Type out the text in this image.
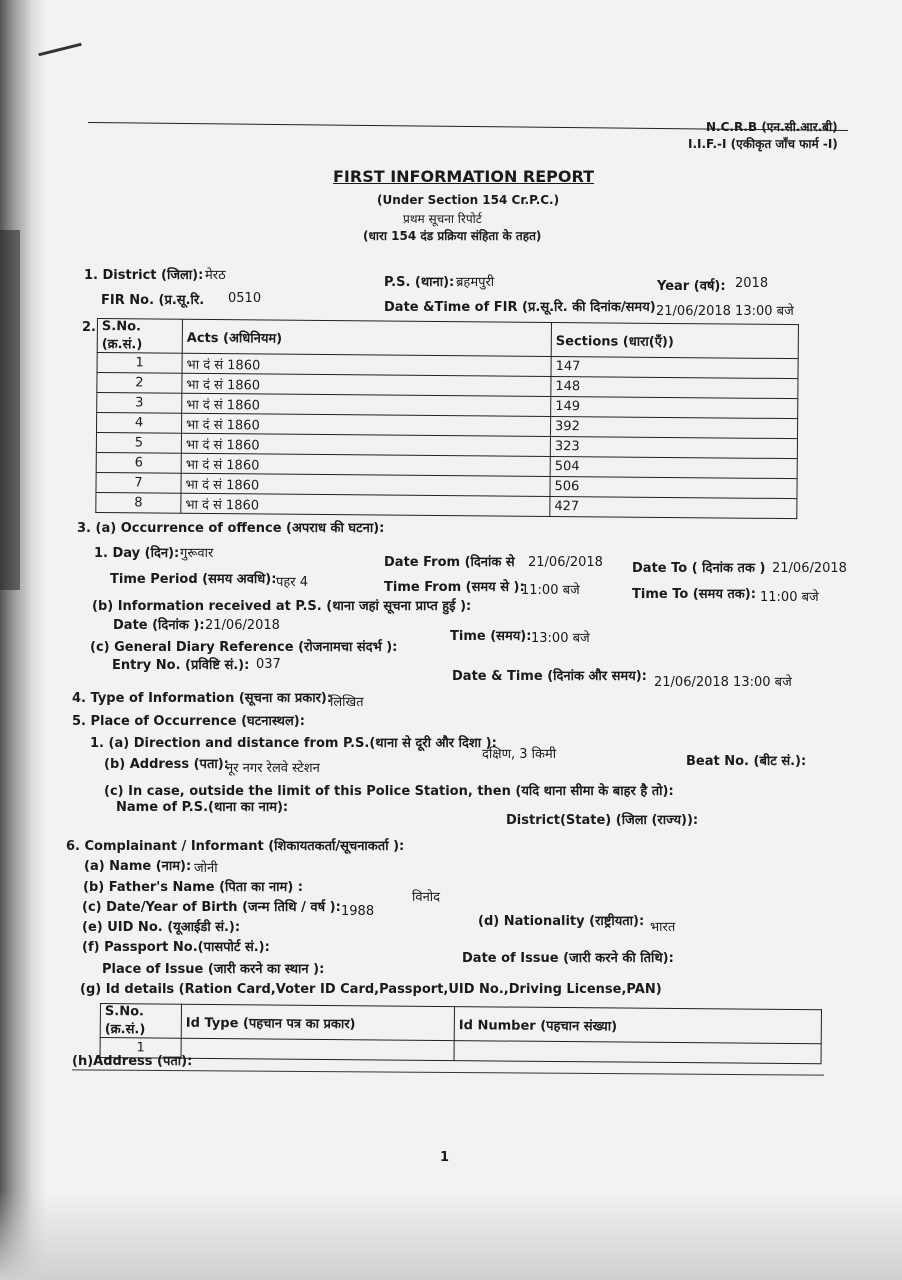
N.C.R.B (एन.सी.आर.बी)
I.I.F.-I (एकीकृत जाँच फार्म -I)
FIRST INFORMATION REPORT
(Under Section 154 Cr.P.C.)
प्रथम सूचना रिपोर्ट
(धारा 154 दंड प्रक्रिया संहिता के तहत)
1. District (जिला): मेरठ	P.S. (थाना): ब्रहमपुरी	Year (वर्ष): 2018
FIR No. (प्र.सू.रि. 0510
Date &Time of FIR (प्र.सू.रि. की दिनांक/समय) 21/06/2018 13:00 बजे
2. S.No. (क्र.सं.)	Acts (अधिनियम)	Sections (धारा(एँ))
1	भा दं सं 1860	147
2	भा दं सं 1860	148
3	भा दं सं 1860	149
4	भा दं सं 1860	392
5	भा दं सं 1860	323
6	भा दं सं 1860	504
7	भा दं सं 1860	506
8	भा दं सं 1860	427
3. (a) Occurrence of offence (अपराध की घटना):
1. Day (दिन): गुरूवार
Date From (दिनांक से 21/06/2018 Date To ( दिनांक तक ) 21/06/2018
Time Period (समय अवधि): पहर 4	Time From (समय से ):
11:00 बजे	Time To (समय तक): 11:00 बजे
(b) Information received at P.S. (थाना जहां सूचना प्राप्त हुई ):
Date (दिनांक ): 21/06/2018
Time (समय): 13:00 बजे
(c) General Diary Reference (रोजनामचा संदर्भ ):
Entry No. (प्रविष्टि सं.): 037
Date & Time (दिनांक और समय): 21/06/2018 13:00 बजे
4. Type of Information (सूचना का प्रकार):
लिखित
5. Place of Occurrence (घटनास्थल):
1. (a) Direction and distance from P.S.(थाना से दूरी और दिशा ):
दक्षिण, 3 किमी	Beat No. (बीट सं.):
(b) Address (पता):
नूर नगर रेलवे स्टेशन
(c) In case, outside the limit of this Police Station, then (यदि थाना सीमा के बाहर है तो):
Name of P.S.(थाना का नाम):
District(State) (जिला (राज्य)):
6. Complainant / Informant (शिकायतकर्ता/सूचनाकर्ता ):
(a) Name (नाम): जोनी
(b) Father's Name (पिता का नाम) :
विनोद
(c) Date/Year of Birth (जन्म तिथि / वर्ष ): 1988
(d) Nationality (राष्ट्रीयता): भारत
(e) UID No. (यूआईडी सं.):
(f) Passport No.(पासपोर्ट सं.):
Date of Issue (जारी करने की तिथि):
Place of Issue (जारी करने का स्थान ):
(g) Id details (Ration Card,Voter ID Card,Passport,UID No.,Driving License,PAN)
S.No.(क्र.सं.)	Id Type (पहचान पत्र का प्रकार)	Id Number (पहचान संख्या)
1		
(h)Address (पता):
1
